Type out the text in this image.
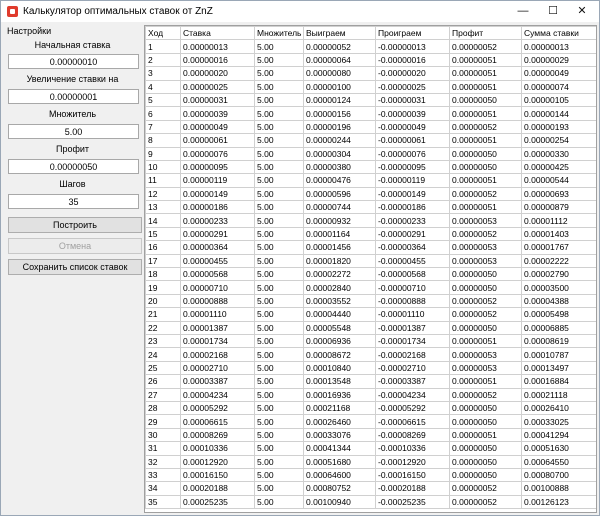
Калькулятор оптимальных ставок от ZnZ	—	☐	✕
Настройки
Начальная ставка
0.00000010
Увеличение ставки на
0.00000001
Множитель
5.00
Профит
0.00000050
Шагов
35
Построить
Отмена
Сохранить список ставок
Ход	Ставка	Множитель	Выиграем	Проиграем	Профит	Сумма ставки
1	0.00000013	5.00	0.00000052	-0.00000013	0.00000052	0.00000013
2	0.00000016	5.00	0.00000064	-0.00000016	0.00000051	0.00000029
3	0.00000020	5.00	0.00000080	-0.00000020	0.00000051	0.00000049
4	0.00000025	5.00	0.00000100	-0.00000025	0.00000051	0.00000074
5	0.00000031	5.00	0.00000124	-0.00000031	0.00000050	0.00000105
6	0.00000039	5.00	0.00000156	-0.00000039	0.00000051	0.00000144
7	0.00000049	5.00	0.00000196	-0.00000049	0.00000052	0.00000193
8	0.00000061	5.00	0.00000244	-0.00000061	0.00000051	0.00000254
9	0.00000076	5.00	0.00000304	-0.00000076	0.00000050	0.00000330
10	0.00000095	5.00	0.00000380	-0.00000095	0.00000050	0.00000425
11	0.00000119	5.00	0.00000476	-0.00000119	0.00000051	0.00000544
12	0.00000149	5.00	0.00000596	-0.00000149	0.00000052	0.00000693
13	0.00000186	5.00	0.00000744	-0.00000186	0.00000051	0.00000879
14	0.00000233	5.00	0.00000932	-0.00000233	0.00000053	0.00001112
15	0.00000291	5.00	0.00001164	-0.00000291	0.00000052	0.00001403
16	0.00000364	5.00	0.00001456	-0.00000364	0.00000053	0.00001767
17	0.00000455	5.00	0.00001820	-0.00000455	0.00000053	0.00002222
18	0.00000568	5.00	0.00002272	-0.00000568	0.00000050	0.00002790
19	0.00000710	5.00	0.00002840	-0.00000710	0.00000050	0.00003500
20	0.00000888	5.00	0.00003552	-0.00000888	0.00000052	0.00004388
21	0.00001110	5.00	0.00004440	-0.00001110	0.00000052	0.00005498
22	0.00001387	5.00	0.00005548	-0.00001387	0.00000050	0.00006885
23	0.00001734	5.00	0.00006936	-0.00001734	0.00000051	0.00008619
24	0.00002168	5.00	0.00008672	-0.00002168	0.00000053	0.00010787
25	0.00002710	5.00	0.00010840	-0.00002710	0.00000053	0.00013497
26	0.00003387	5.00	0.00013548	-0.00003387	0.00000051	0.00016884
27	0.00004234	5.00	0.00016936	-0.00004234	0.00000052	0.00021118
28	0.00005292	5.00	0.00021168	-0.00005292	0.00000050	0.00026410
29	0.00006615	5.00	0.00026460	-0.00006615	0.00000050	0.00033025
30	0.00008269	5.00	0.00033076	-0.00008269	0.00000051	0.00041294
31	0.00010336	5.00	0.00041344	-0.00010336	0.00000050	0.00051630
32	0.00012920	5.00	0.00051680	-0.00012920	0.00000050	0.00064550
33	0.00016150	5.00	0.00064600	-0.00016150	0.00000050	0.00080700
34	0.00020188	5.00	0.00080752	-0.00020188	0.00000052	0.00100888
35	0.00025235	5.00	0.00100940	-0.00025235	0.00000052	0.00126123
